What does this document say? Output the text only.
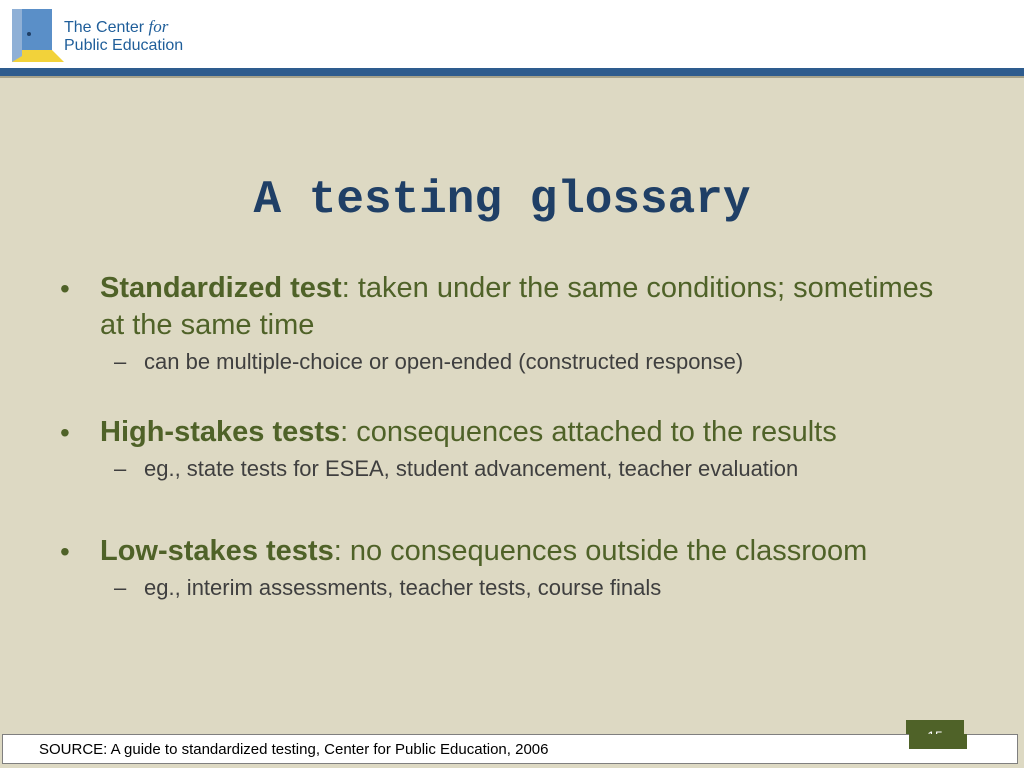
The Center for
Public Education
A testing glossary
• Standardized test: taken under the same conditions; sometimes at the same time
– can be multiple-choice or open-ended (constructed response)
• High-stakes tests: consequences attached to the results
– eg., state tests for ESEA, student advancement, teacher evaluation
• Low-stakes tests: no consequences outside the classroom
– eg., interim assessments, teacher tests, course finals
SOURCE: A guide to standardized testing, Center for Public Education, 2006
